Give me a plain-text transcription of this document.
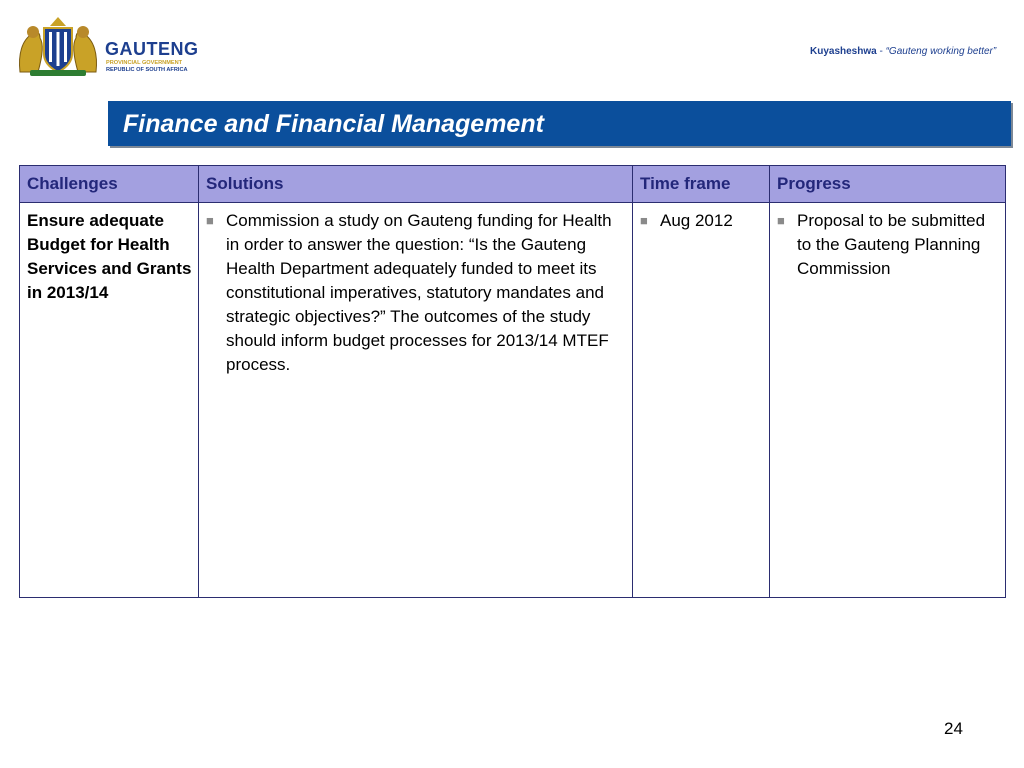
GAUTENG
PROVINCIAL GOVERNMENT
REPUBLIC OF SOUTH AFRICA
Kuyasheshwa - “Gauteng working better”
Finance and Financial Management
Challenges	Solutions	Time frame	Progress
Ensure adequate Budget for Health Services and Grants in 2013/14	■ Commission a study on Gauteng funding for Health in order to answer the question: “Is the Gauteng Health Department adequately funded to meet its constitutional imperatives, statutory mandates and strategic objectives?” The outcomes of the study should inform budget processes for 2013/14 MTEF process.	■ Aug 2012	■ Proposal to be submitted to the Gauteng Planning Commission
24
